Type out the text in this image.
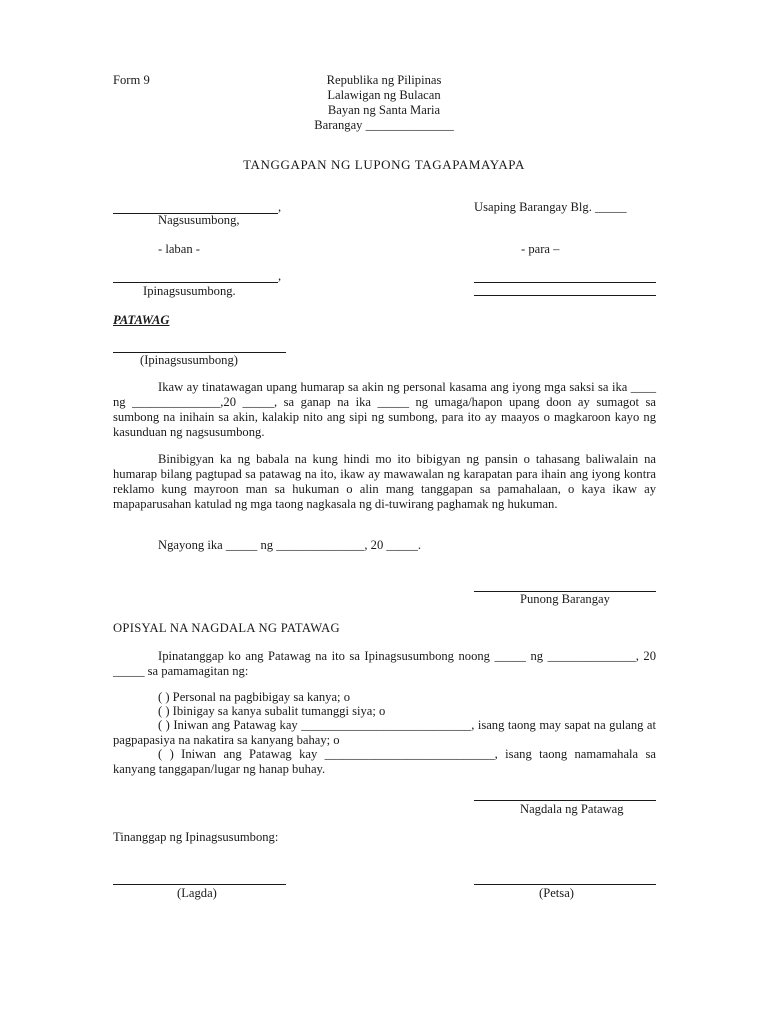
Form 9	Republika ng Pilipinas
Lalawigan ng Bulacan
Bayan ng Santa Maria
Barangay ______________
TANGGAPAN NG LUPONG TAGAPAMAYAPA
,
Nagsusumbong,
- laban -
,
Ipinagsusumbong.
Usaping Barangay Blg. _____
- para –
PATAWAG
(Ipinagsusumbong)
Ikaw ay tinatawagan upang humarap sa akin ng personal kasama ang iyong mga saksi sa ika ____ ng ______________,20 _____, sa ganap na ika _____ ng umaga/hapon upang doon ay sumagot sa sumbong na inihain sa akin, kalakip nito ang sipi ng sumbong, para ito ay maayos o magkaroon kayo ng kasunduan ng nagsusumbong.
Binibigyan ka ng babala na kung hindi mo ito bibigyan ng pansin o tahasang baliwalain na humarap bilang pagtupad sa patawag na ito, ikaw ay mawawalan ng karapatan para ihain ang iyong kontra reklamo kung mayroon man sa hukuman o alin mang tanggapan sa pamahalaan, o kaya ikaw ay mapaparusahan katulad ng mga taong nagkasala ng di-tuwirang paghamak ng hukuman.
Ngayong ika _____ ng ______________, 20 _____.
Punong Barangay
OPISYAL NA NAGDALA NG PATAWAG
Ipinatanggap ko ang Patawag na ito sa Ipinagsusumbong noong _____ ng ______________, 20 _____ sa pamamagitan ng:
( ) Personal na pagbibigay sa kanya; o
( ) Ibinigay sa kanya subalit tumanggi siya; o
( ) Iniwan ang Patawag kay ___________________________, isang taong may sapat na gulang at pagpapasiya na nakatira sa kanyang bahay; o
( ) Iniwan ang Patawag kay ___________________________, isang taong namamahala sa kanyang tanggapan/lugar ng hanap buhay.
Nagdala ng Patawag
Tinanggap ng Ipinagsusumbong:
(Lagda)	(Petsa)
